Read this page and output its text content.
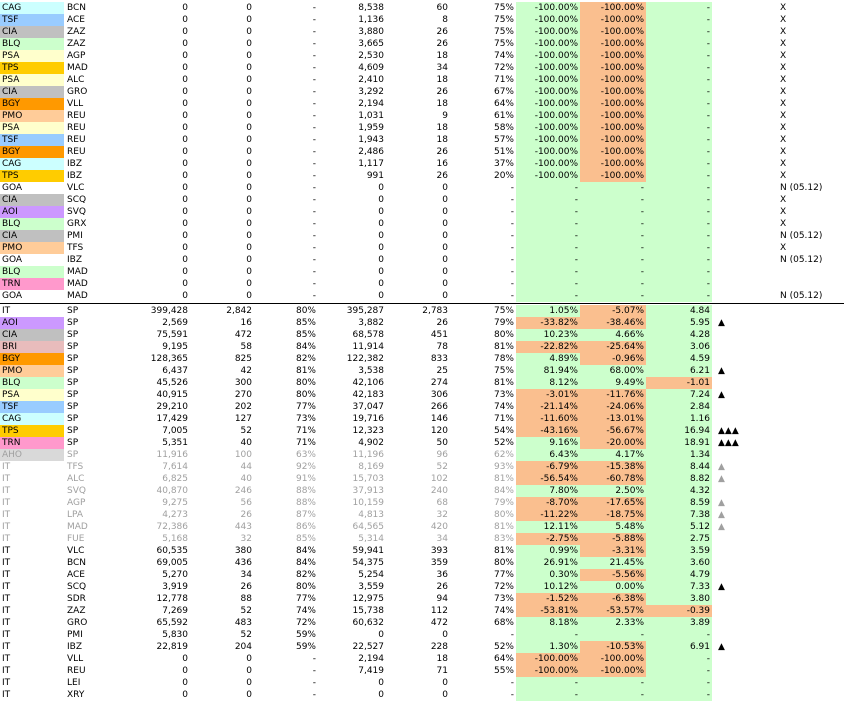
CAG	BCN	0	0	-	8,538	60	75%	-100.00%	-100.00%	-	X
TSF	ACE	0	0	-	1,136	8	75%	-100.00%	-100.00%	-	X
CIA	ZAZ	0	0	-	3,880	26	75%	-100.00%	-100.00%	-	X
BLQ	ZAZ	0	0	-	3,665	26	75%	-100.00%	-100.00%	-	X
PSA	AGP	0	0	-	2,530	18	74%	-100.00%	-100.00%	-	X
TPS	MAD	0	0	-	4,609	34	72%	-100.00%	-100.00%	-	X
PSA	ALC	0	0	-	2,410	18	71%	-100.00%	-100.00%	-	X
CIA	GRO	0	0	-	3,292	26	67%	-100.00%	-100.00%	-	X
BGY	VLL	0	0	-	2,194	18	64%	-100.00%	-100.00%	-	X
PMO	REU	0	0	-	1,031	9	61%	-100.00%	-100.00%	-	X
PSA	REU	0	0	-	1,959	18	58%	-100.00%	-100.00%	-	X
TSF	REU	0	0	-	1,943	18	57%	-100.00%	-100.00%	-	X
BGY	REU	0	0	-	2,486	26	51%	-100.00%	-100.00%	-	X
CAG	IBZ	0	0	-	1,117	16	37%	-100.00%	-100.00%	-	X
TPS	IBZ	0	0	-	991	26	20%	-100.00%	-100.00%	-	X
GOA	VLC	0	0	-	0	0	-	-	-	-	N (05.12)
CIA	SCQ	0	0	-	0	0	-	-	-	-	X
AOI	SVQ	0	0	-	0	0	-	-	-	-	X
BLQ	GRX	0	0	-	0	0	-	-	-	-	X
CIA	PMI	0	0	-	0	0	-	-	-	-	N (05.12)
PMO	TFS	0	0	-	0	0	-	-	-	-	X
GOA	IBZ	0	0	-	0	0	-	-	-	-	N (05.12)
BLQ	MAD	0	0	-	0	0	-	-	-	-
TRN	MAD	0	0	-	0	0	-	-	-	-
GOA	MAD	0	0	-	0	0	-	-	-	-	N (05.12)
IT	SP	399,428	2,842	80%	395,287	2,783	75%	1.05%	-5.07%	4.84
AOI	SP	2,569	16	85%	3,882	26	79%	-33.82%	-38.46%	5.95 ▲
CIA	SP	75,591	472	85%	68,578	451	80%	10.23%	4.66%	4.28
BRI	SP	9,195	58	84%	11,914	78	81%	-22.82%	-25.64%	3.06
BGY	SP	128,365	825	82%	122,382	833	78%	4.89%	-0.96%	4.59
PMO	SP	6,437	42	81%	3,538	25	75%	81.94%	68.00%	6.21 ▲
BLQ	SP	45,526	300	80%	42,106	274	81%	8.12%	9.49%	-1.01
PSA	SP	40,915	270	80%	42,183	306	73%	-3.01%	-11.76%	7.24 ▲
TSF	SP	29,210	202	77%	37,047	266	74%	-21.14%	-24.06%	2.84
CAG	SP	17,429	127	73%	19,716	146	71%	-11.60%	-13.01%	1.16
TPS	SP	7,005	52	71%	12,323	120	54%	-43.16%	-56.67%	16.94 ▲▲▲
TRN	SP	5,351	40	71%	4,902	50	52%	9.16%	-20.00%	18.91 ▲▲▲
AHO	SP	11,916	100	63%	11,196	96	62%	6.43%	4.17%	1.34
IT	TFS	7,614	44	92%	8,169	52	93%	-6.79%	-15.38%	8.44 ▲
IT	ALC	6,825	40	91%	15,703	102	81%	-56.54%	-60.78%	8.82 ▲
IT	SVQ	40,870	246	88%	37,913	240	84%	7.80%	2.50%	4.32
IT	AGP	9,275	56	88%	10,159	68	79%	-8.70%	-17.65%	8.59 ▲
IT	LPA	4,273	26	87%	4,813	32	80%	-11.22%	-18.75%	7.38 ▲
IT	MAD	72,386	443	86%	64,565	420	81%	12.11%	5.48%	5.12 ▲
IT	FUE	5,168	32	85%	5,314	34	83%	-2.75%	-5.88%	2.75
IT	VLC	60,535	380	84%	59,941	393	81%	0.99%	-3.31%	3.59
IT	BCN	69,005	436	84%	54,375	359	80%	26.91%	21.45%	3.60
IT	ACE	5,270	34	82%	5,254	36	77%	0.30%	-5.56%	4.79
IT	SCQ	3,919	26	80%	3,559	26	72%	10.12%	0.00%	7.33 ▲
IT	SDR	12,778	88	77%	12,975	94	73%	-1.52%	-6.38%	3.80
IT	ZAZ	7,269	52	74%	15,738	112	74%	-53.81%	-53.57%	-0.39
IT	GRO	65,592	483	72%	60,632	472	68%	8.18%	2.33%	3.89
IT	PMI	5,830	52	59%	0	0	-	-	-	-
IT	IBZ	22,819	204	59%	22,527	228	52%	1.30%	-10.53%	6.91 ▲
IT	VLL	0	0	-	2,194	18	64%	-100.00%	-100.00%	-
IT	REU	0	0	-	7,419	71	55%	-100.00%	-100.00%	-
IT	LEI	0	0	-	0	0	-	-	-	-
IT	XRY	0	0	-	0	0	-	-	-	-
